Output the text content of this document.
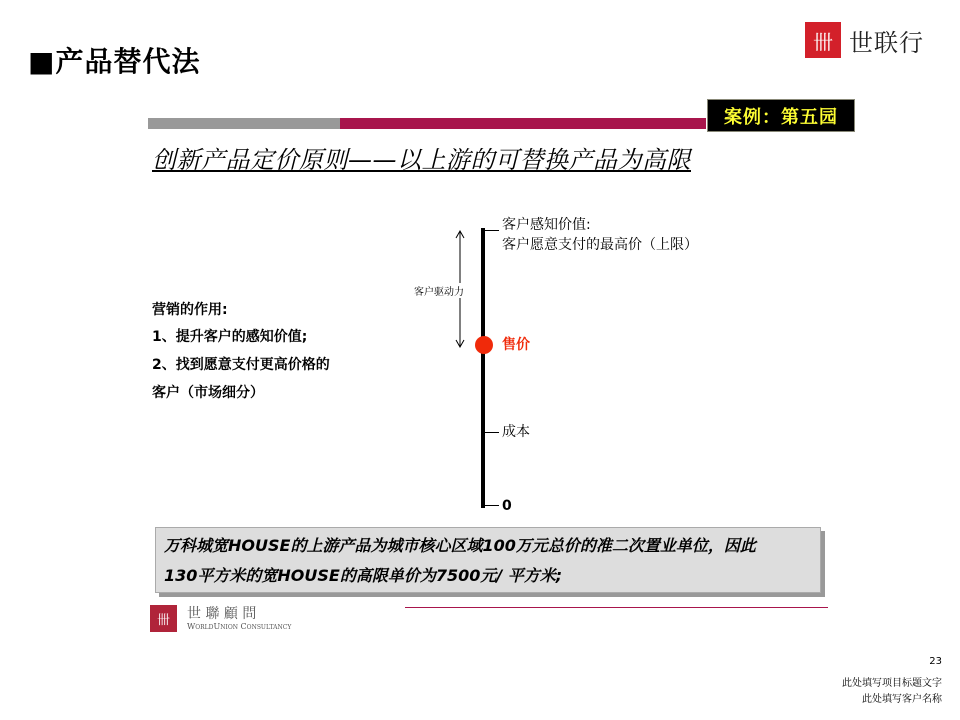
■产品替代法
卌 世联行
案例：第五园
创新产品定价原则——以上游的可替换产品为高限
客户感知价值:
客户愿意支付的最高价（上限）
售价
成本
0
客户驱动力
营销的作用:
1、提升客户的感知价值;
2、找到愿意支付更高价格的
客户（市场细分）
万科城宽HOUSE的上游产品为城市核心区域100万元总价的准二次置业单位，因此
130平方米的宽HOUSE的高限单价为7500元/ 平方米;
卌	世 聯 顧 問
WorldUnion Consultancy
23
此处填写项目标题文字
此处填写客户名称
